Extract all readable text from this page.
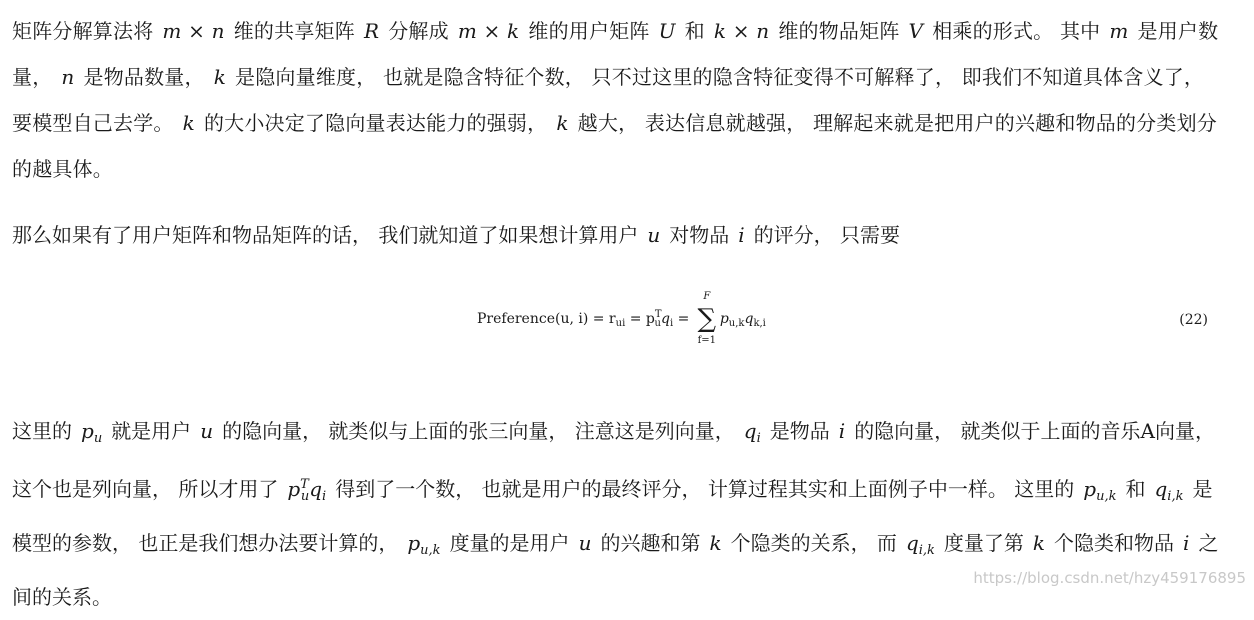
矩阵分解算法将 m × n 维的共享矩阵 R 分解成 m × k 维的用户矩阵 U 和 k × n 维的物品矩阵 V 相乘的形式。 其中 m 是用户数量， n 是物品数量， k 是隐向量维度， 也就是隐含特征个数， 只不过这里的隐含特征变得不可解释了， 即我们不知道具体含义了， 要模型自己去学。 k 的大小决定了隐向量表达能力的强弱， k 越大， 表达信息就越强， 理解起来就是把用户的兴趣和物品的分类划分的越具体。

那么如果有了用户矩阵和物品矩阵的话， 我们就知道了如果想计算用户 u 对物品 i 的评分， 只需要

Preference(u, $i) = r_{ui} = p^T_uq_i$ =
F
∑
f=1
$p_{u,k}q_{k,i}$	(22)

这里的 $p_u$ 就是用户 u 的隐向量， 就类似与上面的张三向量， 注意这是列向量， $q_i$ 是物品 i 的隐向量， 就类似于上面的音乐A向量， 这个也是列向量， 所以才用了 $p^T_uq_i$ 得到了一个数， 也就是用户的最终评分， 计算过程其实和上面例子中一样。 这里的 $p_{u,k}$ 和 $q_{i,k}$ 是模型的参数， 也正是我们想办法要计算的， $p_{u,k}$ 度量的是用户 u 的兴趣和第 k 个隐类的关系， 而 $q_{i,k}$ 度量了第 k 个隐类和物品 i 之间的关系。

https://blog.csdn.net/hzy459176895
